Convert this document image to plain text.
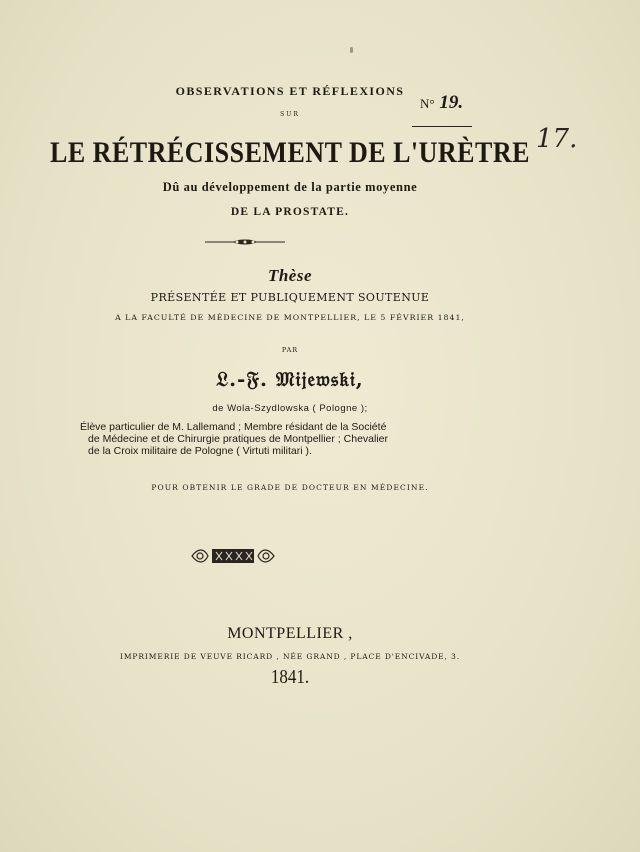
OBSERVATIONS ET RÉFLEXIONS
SUR
LE RÉTRÉCISSEMENT DE L'URÈTRE
Dû au développement de la partie moyenne
DE LA PROSTATE.
Thèse
PRÉSENTÉE ET PUBLIQUEMENT SOUTENUE
A LA FACULTÉ DE MÉDECINE DE MONTPELLIER, LE 5 FÉVRIER 1841,
PAR
𝔏.-𝔉. 𝔐𝔦𝔧𝔢𝔴𝔰𝔨𝔦,
de Wola-Szydlowska ( Pologne );
Élève particulier de M. Lallemand ; Membre résidant de la Société
de Médecine et de Chirurgie pratiques de Montpellier ; Chevalier
de la Croix militaire de Pologne ( Virtuti militari ).
POUR OBTENIR LE GRADE DE DOCTEUR EN MÉDECINE.
MONTPELLIER ,
IMPRIMERIE DE VEUVE RICARD , NÉE GRAND , PLACE D'ENCIVADE, 3.
1841.
N° 19.
17.
